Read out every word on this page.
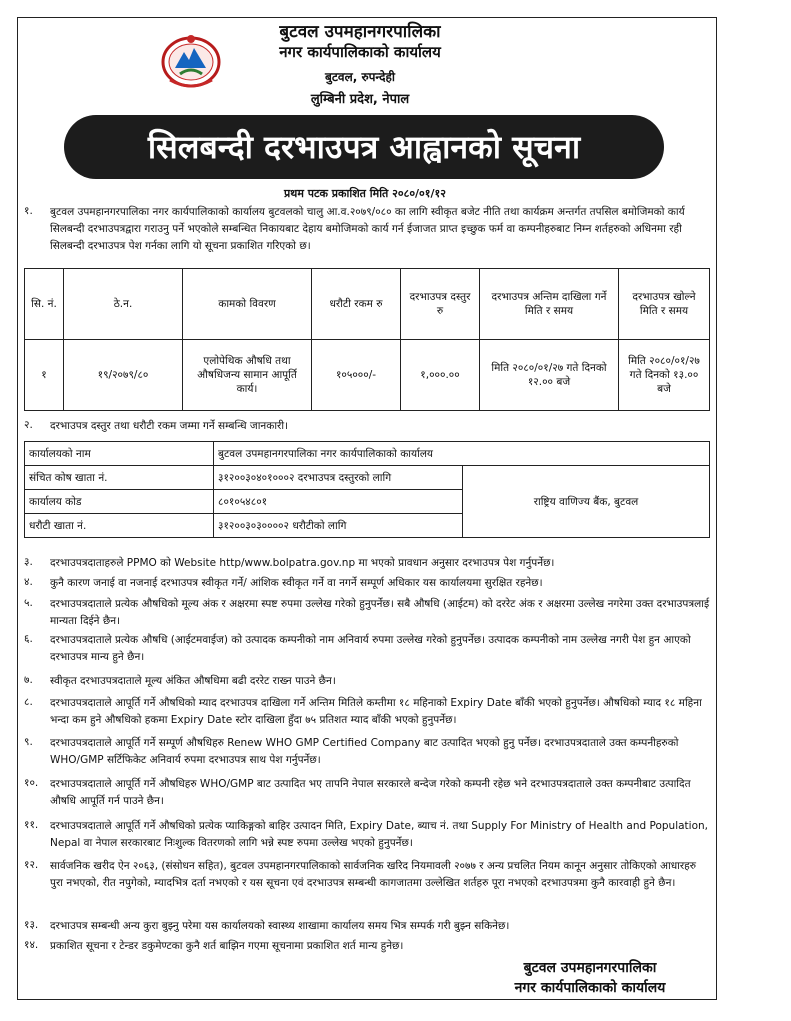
बुटवल उपमहानगरपालिका
नगर कार्यपालिकाको कार्यालय
बुटवल, रुपन्देही
लुम्बिनी प्रदेश, नेपाल
सिलबन्दी दरभाउपत्र आह्वानको सूचना
प्रथम पटक प्रकाशित मिति २०८०/०१/१२
१. बुटवल उपमहानगरपालिका नगर कार्यपालिकाको कार्यालय बुटवलको चालु आ.व.२०७९/०८० का लागि स्वीकृत बजेट नीति तथा कार्यक्रम अन्तर्गत तपसिल बमोजिमको कार्य सिलबन्दी दरभाउपत्रद्वारा गराउनु पर्ने भएकोले सम्बन्धित निकायबाट देहाय बमोजिमको कार्य गर्न ईजाजत प्राप्त इच्छुक फर्म वा कम्पनीहरुबाट निम्न शर्तहरुको अधिनमा रही सिलबन्दी दरभाउपत्र पेश गर्नका लागि यो सूचना प्रकाशित गरिएको छ।
सि. नं.	ठे.न.	कामको विवरण	धरौटी रकम रु	दरभाउपत्र दस्तुर रु	दरभाउपत्र अन्तिम दाखिला गर्ने मिति र समय	दरभाउपत्र खोल्ने मिति र समय
१	१९/२०७९/८०	एलोपेथिक औषधि तथा औषधिजन्य सामान आपूर्ति कार्य।	१०५०००/-	१,०००.००	मिति २०८०/०१/२७ गते दिनको १२.०० बजे	मिति २०८०/०१/२७ गते दिनको १३.०० बजे
२. दरभाउपत्र दस्तुर तथा धरौटी रकम जम्मा गर्ने सम्बन्धि जानकारी।
कार्यालयको नाम	बुटवल उपमहानगरपालिका नगर कार्यपालिकाको कार्यालय	
संचित कोष खाता नं.	३१२००३०४०१०००२ दरभाउपत्र दस्तुरको लागि	राष्ट्रिय वाणिज्य बैंक, बुटवल
कार्यालय कोड	८०१०५४८०१	
धरौटी खाता नं.	३१२००३०३००००२ धरौटीको लागि	
३. दरभाउपत्रदाताहरुले PPMO को Website http/www.bolpatra.gov.np मा भएको प्रावधान अनुसार दरभाउपत्र पेश गर्नुपर्नेछ।
४. कुनै कारण जनाई वा नजनाई दरभाउपत्र स्वीकृत गर्ने/ आंशिक स्वीकृत गर्ने वा नगर्ने सम्पूर्ण अधिकार यस कार्यालयमा सुरक्षित रहनेछ।
५. दरभाउपत्रदाताले प्रत्येक औषधिको मूल्य अंक र अक्षरमा स्पष्ट रुपमा उल्लेख गरेको हुनुपर्नेछ। सबै औषधि (आईटम) को दररेट अंक र अक्षरमा उल्लेख नगरेमा उक्त दरभाउपत्रलाई मान्यता दिईने छैन।
६. दरभाउपत्रदाताले प्रत्येक औषधि (आईटमवाईज) को उत्पादक कम्पनीको नाम अनिवार्य रुपमा उल्लेख गरेको हुनुपर्नेछ। उत्पादक कम्पनीको नाम उल्लेख नगरी पेश हुन आएको दरभाउपत्र मान्य हुने छैन।
७. स्वीकृत दरभाउपत्रदाताले मूल्य अंकित औषधिमा बढी दररेट राख्न पाउने छैन।
८. दरभाउपत्रदाताले आपूर्ति गर्ने औषधिको म्याद दरभाउपत्र दाखिला गर्ने अन्तिम मितिले कम्तीमा १८ महिनाको Expiry Date बाँकी भएको हुनुपर्नेछ। औषधिको म्याद १८ महिना भन्दा कम हुने औषधिको हकमा Expiry Date स्टोर दाखिला हुँदा ७५ प्रतिशत म्याद बाँकी भएको हुनुपर्नेछ।
९. दरभाउपत्रदाताले आपूर्ति गर्ने सम्पूर्ण औषधिहरु Renew WHO GMP Certified Company बाट उत्पादित भएको हुनु पर्नेछ। दरभाउपत्रदाताले उक्त कम्पनीहरुको WHO/GMP सर्टिफिकेट अनिवार्य रुपमा दरभाउपत्र साथ पेश गर्नुपर्नेछ।
१०. दरभाउपत्रदाताले आपूर्ति गर्ने औषधिहरु WHO/GMP बाट उत्पादित भए तापनि नेपाल सरकारले बन्देज गरेको कम्पनी रहेछ भने दरभाउपत्रदाताले उक्त कम्पनीबाट उत्पादित औषधि आपूर्ति गर्न पाउने छैन।
११. दरभाउपत्रदाताले आपूर्ति गर्ने औषधिको प्रत्येक प्याकिङ्गको बाहिर उत्पादन मिति, Expiry Date, ब्याच नं. तथा Supply For Ministry of Health and Population, Nepal वा नेपाल सरकारबाट निःशुल्क वितरणको लागि भन्ने स्पष्ट रुपमा उल्लेख भएको हुनुपर्नेछ।
१२. सार्वजनिक खरीद ऐन २०६३, (संसोधन सहित), बुटवल उपमहानगरपालिकाको सार्वजनिक खरिद नियमावली २०७७ र अन्य प्रचलित नियम कानून अनुसार तोकिएको आधारहरु पुरा नभएको, रीत नपुगेको, म्यादभित्र दर्ता नभएको र यस सूचना एवं दरभाउपत्र सम्बन्धी कागजातमा उल्लेखित शर्तहरु पूरा नभएको दरभाउपत्रमा कुनै कारवाही हुने छैन।
१३. दरभाउपत्र सम्बन्धी अन्य कुरा बुझ्नु परेमा यस कार्यालयको स्वास्थ्य शाखामा कार्यालय समय भित्र सम्पर्क गरी बुझ्न सकिनेछ।
१४. प्रकाशित सूचना र टेन्डर डकुमेण्टका कुनै शर्त बाझिन गएमा सूचनामा प्रकाशित शर्त मान्य हुनेछ।
बुटवल उपमहानगरपालिका
नगर कार्यपालिकाको कार्यालय
